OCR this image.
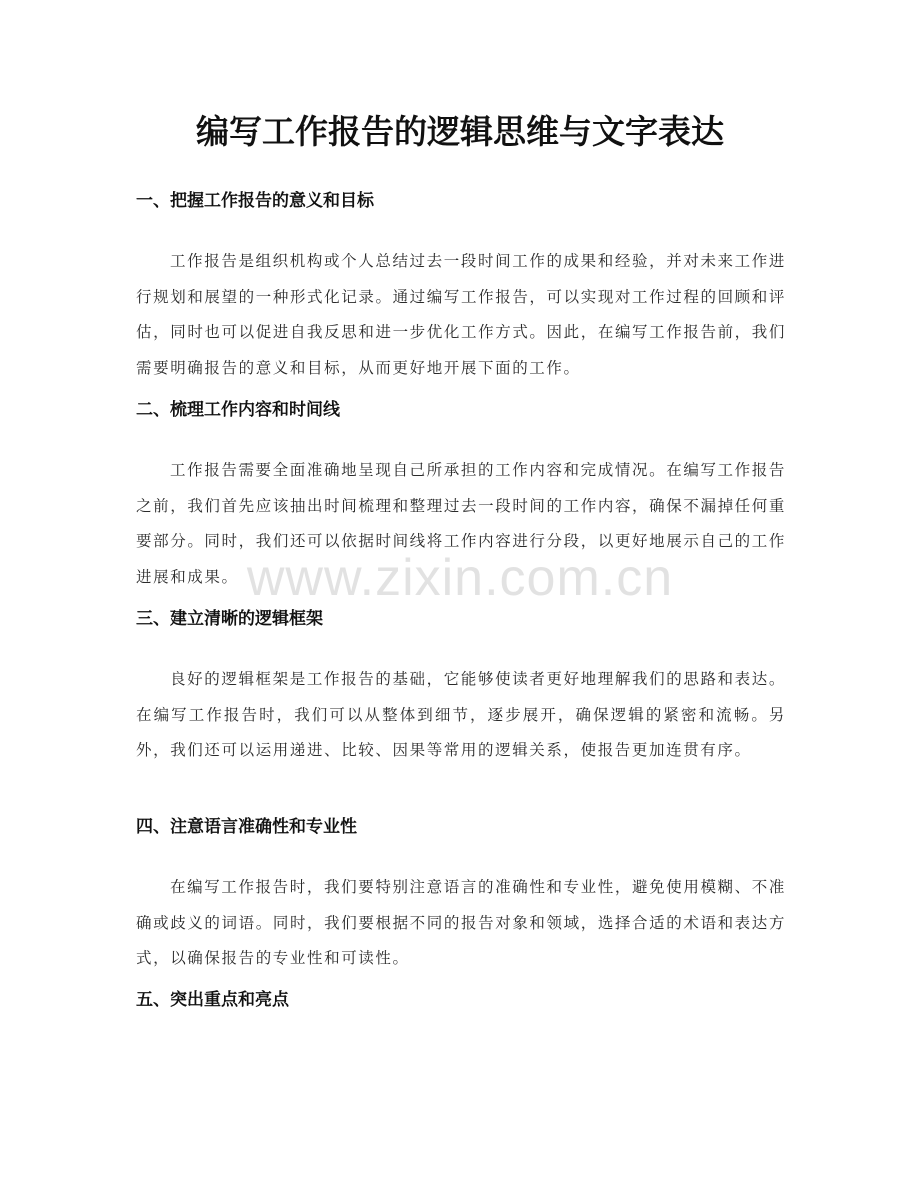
编写工作报告的逻辑思维与文字表达
一、把握工作报告的意义和目标

工作报告是组织机构或个人总结过去一段时间工作的成果和经验，并对未来工作进行规划和展望的一种形式化记录。通过编写工作报告，可以实现对工作过程的回顾和评估，同时也可以促进自我反思和进一步优化工作方式。因此，在编写工作报告前，我们需要明确报告的意义和目标，从而更好地开展下面的工作。

二、梳理工作内容和时间线

工作报告需要全面准确地呈现自己所承担的工作内容和完成情况。在编写工作报告之前，我们首先应该抽出时间梳理和整理过去一段时间的工作内容，确保不漏掉任何重要部分。同时，我们还可以依据时间线将工作内容进行分段，以更好地展示自己的工作进展和成果。

三、建立清晰的逻辑框架

良好的逻辑框架是工作报告的基础，它能够使读者更好地理解我们的思路和表达。在编写工作报告时，我们可以从整体到细节，逐步展开，确保逻辑的紧密和流畅。另外，我们还可以运用递进、比较、因果等常用的逻辑关系，使报告更加连贯有序。

四、注意语言准确性和专业性

在编写工作报告时，我们要特别注意语言的准确性和专业性，避免使用模糊、不准确或歧义的词语。同时，我们要根据不同的报告对象和领域，选择合适的术语和表达方式，以确保报告的专业性和可读性。

五、突出重点和亮点
www.zixin.com.cn
